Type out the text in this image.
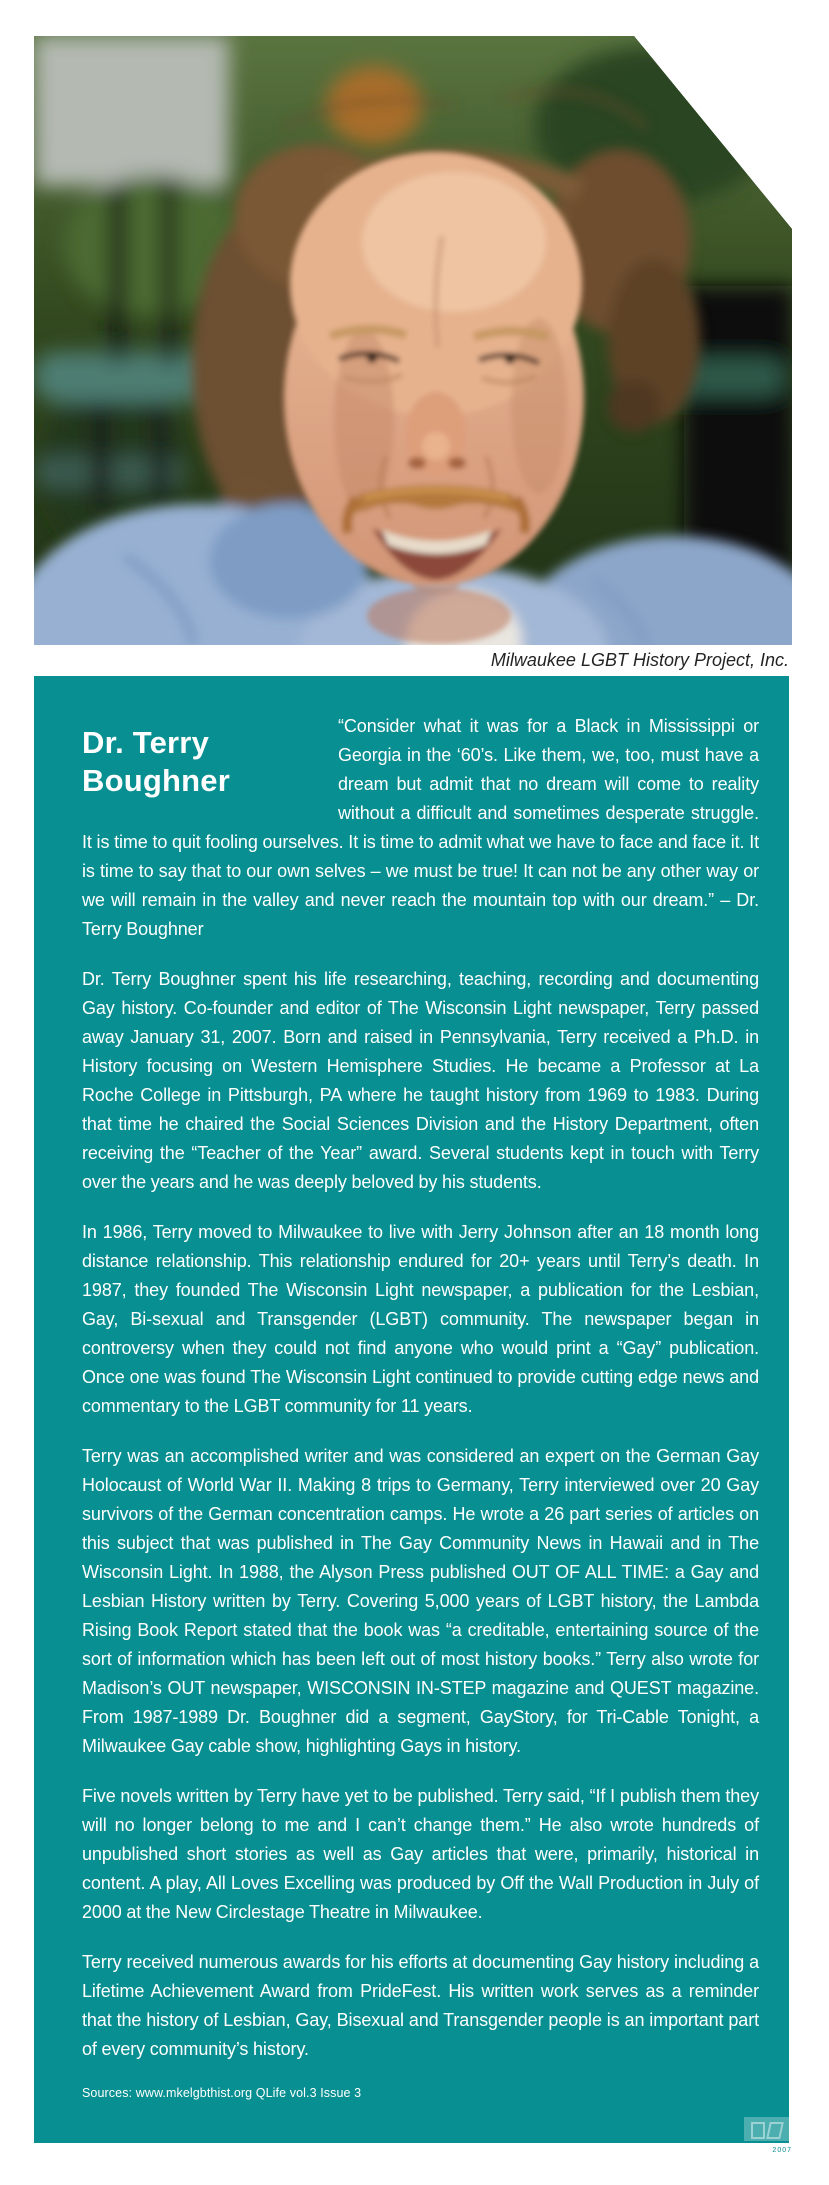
Milwaukee LGBT History Project, Inc.
Dr. Terry
Boughner

“Consider what it was for a Black in Mississippi or Georgia in the ‘60’s. Like them, we, too, must have a dream but admit that no dream will come to reality without a difficult and sometimes desperate struggle. It is time to quit fooling ourselves. It is time to admit what we have to face and face it. It is time to say that to our own selves – we must be true! It can not be any other way or we will remain in the valley and never reach the mountain top with our dream.” – Dr. Terry Boughner

Dr. Terry Boughner spent his life researching, teaching, recording and documenting Gay history. Co-founder and editor of The Wisconsin Light newspaper, Terry passed away January 31, 2007. Born and raised in Pennsylvania, Terry received a Ph.D. in History focusing on Western Hemisphere Studies. He became a Professor at La Roche College in Pittsburgh, PA where he taught history from 1969 to 1983. During that time he chaired the Social Sciences Division and the History Department, often receiving the “Teacher of the Year” award. Several students kept in touch with Terry over the years and he was deeply beloved by his students.

In 1986, Terry moved to Milwaukee to live with Jerry Johnson after an 18 month long distance relationship. This relationship endured for 20+ years until Terry’s death. In 1987, they founded The Wisconsin Light newspaper, a publication for the Lesbian, Gay, Bi-sexual and Transgender (LGBT) community. The newspaper began in controversy when they could not find anyone who would print a “Gay” publication. Once one was found The Wisconsin Light continued to provide cutting edge news and commentary to the LGBT community for 11 years.

Terry was an accomplished writer and was considered an expert on the German Gay Holocaust of World War II. Making 8 trips to Germany, Terry interviewed over 20 Gay survivors of the German concentration camps. He wrote a 26 part series of articles on this subject that was published in The Gay Community News in Hawaii and in The Wisconsin Light. In 1988, the Alyson Press published OUT OF ALL TIME: a Gay and Lesbian History written by Terry. Covering 5,000 years of LGBT history, the Lambda Rising Book Report stated that the book was “a creditable, entertaining source of the sort of information which has been left out of most history books.” Terry also wrote for Madison’s OUT newspaper, WISCONSIN IN-STEP magazine and QUEST magazine. From 1987-1989 Dr. Boughner did a segment, GayStory, for Tri-Cable Tonight, a Milwaukee Gay cable show, highlighting Gays in history.

Five novels written by Terry have yet to be published. Terry said, “If I publish them they will no longer belong to me and I can’t change them.” He also wrote hundreds of unpublished short stories as well as Gay articles that were, primarily, historical in content. A play, All Loves Excelling was produced by Off the Wall Production in July of 2000 at the New Circlestage Theatre in Milwaukee.

Terry received numerous awards for his efforts at documenting Gay history including a Lifetime Achievement Award from PrideFest. His written work serves as a reminder that the history of Lesbian, Gay, Bisexual and Transgender people is an important part of every community’s history.

Sources: www.mkelgbthist.org QLife vol.3 Issue 3
2007
